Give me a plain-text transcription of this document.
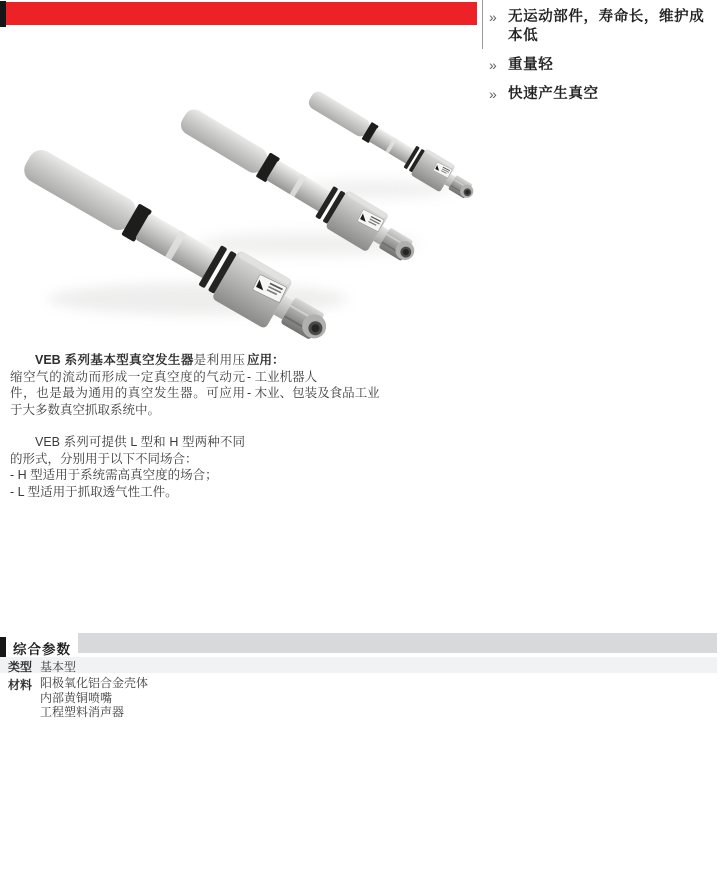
» 无运动部件，寿命长，维护成本低
» 重量轻
» 快速产生真空

VEB 系列基本型真空发生器是利用压缩空气的流动而形成一定真空度的气动元件，也是最为通用的真空发生器。可应用于大多数真空抓取系统中。

VEB 系列可提供 L 型和 H 型两种不同的形式，分别用于以下不同场合：

- H 型适用于系统需高真空度的场合；
- L 型适用于抓取透气性工件。
应用：
- 工业机器人
- 木业、包装及食品工业
综合参数
类型 基本型
材料 阳极氧化铝合金壳体
内部黄铜喷嘴
工程塑料消声器
